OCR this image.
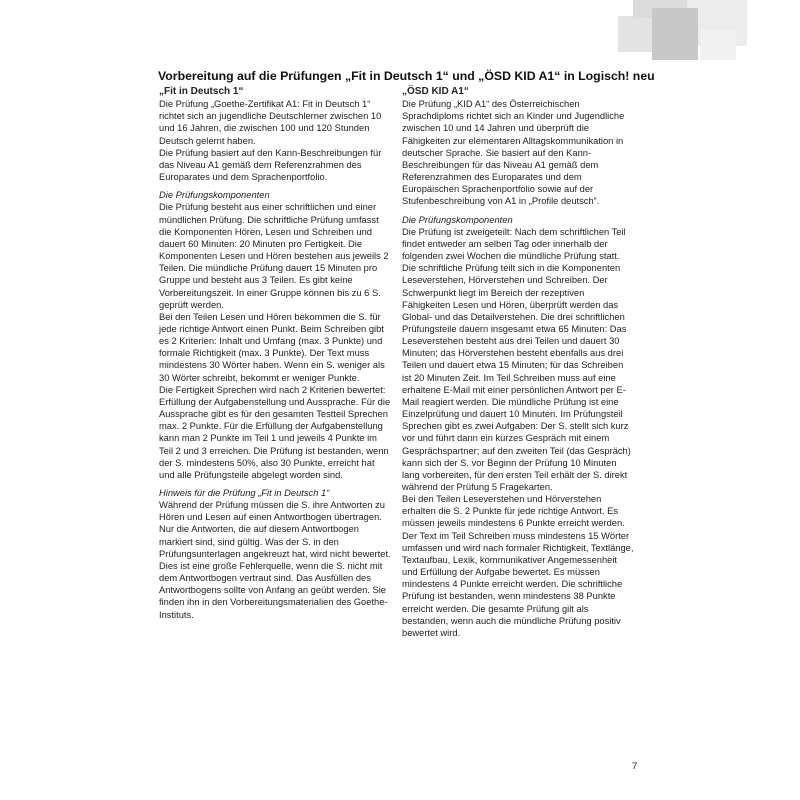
Vorbereitung auf die Prüfungen „Fit in Deutsch 1“ und „ÖSD KID A1“ in Logisch! neu

„Fit in Deutsch 1“

Die Prüfung „Goethe-Zertifikat A1: Fit in Deutsch 1“ richtet sich an jugendliche Deutschlerner zwischen 10 und 16 Jahren, die zwischen 100 und 120 Stunden Deutsch gelernt haben.

Die Prüfung basiert auf den Kann-Beschreibungen für das Niveau A1 gemäß dem Referenzrahmen des Europarates und dem Sprachenportfolio.

Die Prüfungskomponenten

Die Prüfung besteht aus einer schriftlichen und einer mündlichen Prüfung. Die schriftliche Prüfung umfasst die Komponenten Hören, Lesen und Schreiben und dauert 60 Minuten: 20 Minuten pro Fertigkeit. Die Komponenten Lesen und Hören bestehen aus jeweils 2 Teilen. Die mündliche Prüfung dauert 15 Minuten pro Gruppe und besteht aus 3 Teilen. Es gibt keine Vorbereitungszeit. In einer Gruppe können bis zu 6 S. geprüft werden.

Bei den Teilen Lesen und Hören bekommen die S. für jede richtige Antwort einen Punkt. Beim Schreiben gibt es 2 Kriterien: Inhalt und Umfang (max. 3 Punkte) und formale Richtigkeit (max. 3 Punkte). Der Text muss mindestens 30 Wörter haben. Wenn ein S. weniger als 30 Wörter schreibt, bekommt er weniger Punkte.

Die Fertigkeit Sprechen wird nach 2 Kriterien bewertet: Erfüllung der Aufgabenstellung und Aussprache. Für die Aussprache gibt es für den gesamten Testteil Sprechen max. 2 Punkte. Für die Erfüllung der Aufgabenstellung kann man 2 Punkte im Teil 1 und jeweils 4 Punkte im Teil 2 und 3 erreichen. Die Prüfung ist bestanden, wenn der S. mindestens 50%, also 30 Punkte, erreicht hat und alle Prüfungsteile abgelegt worden sind.

Hinweis für die Prüfung „Fit in Deutsch 1“

Während der Prüfung müssen die S. ihre Antworten zu Hören und Lesen auf einen Antwortbogen übertragen. Nur die Antworten, die auf diesem Antwortbogen markiert sind, sind gültig. Was der S. in den Prüfungsunterlagen angekreuzt hat, wird nicht bewertet. Dies ist eine große Fehlerquelle, wenn die S. nicht mit dem Antwortbogen vertraut sind. Das Ausfüllen des Antwortbogens sollte von Anfang an geübt werden. Sie finden ihn in den Vorbereitungsmaterialien des Goethe-Instituts.

„ÖSD KID A1“

Die Prüfung „KID A1“ des Österreichischen Sprachdiploms richtet sich an Kinder und Jugendliche zwischen 10 und 14 Jahren und überprüft die Fähigkeiten zur elementaren Alltagskommunikation in deutscher Sprache. Sie basiert auf den Kann-Beschreibungen für das Niveau A1 gemäß dem Referenzrahmen des Europarates und dem Europäischen Sprachenportfolio sowie auf der Stufenbeschreibung von A1 in „Profile deutsch“.

Die Prüfungskomponenten

Die Prüfung ist zweigeteilt: Nach dem schriftlichen Teil findet entweder am selben Tag oder innerhalb der folgenden zwei Wochen die mündliche Prüfung statt. Die schriftliche Prüfung teilt sich in die Komponenten Leseverstehen, Hörverstehen und Schreiben. Der Schwerpunkt liegt im Bereich der rezeptiven Fähigkeiten Lesen und Hören, überprüft werden das Global- und das Detailverstehen. Die drei schriftlichen Prüfungsteile dauern insgesamt etwa 65 Minuten: Das Leseverstehen besteht aus drei Teilen und dauert 30 Minuten; das Hörverstehen besteht ebenfalls aus drei Teilen und dauert etwa 15 Minuten; für das Schreiben ist 20 Minuten Zeit. Im Teil Schreiben muss auf eine erhaltene E-Mail mit einer persönlichen Antwort per E-Mail reagiert werden. Die mündliche Prüfung ist eine Einzelprüfung und dauert 10 Minuten. Im Prüfungsteil Sprechen gibt es zwei Aufgaben: Der S. stellt sich kurz vor und führt dann ein kurzes Gespräch mit einem Gesprächspartner; auf den zweiten Teil (das Gespräch) kann sich der S. vor Beginn der Prüfung 10 Minuten lang vorbereiten, für den ersten Teil erhält der S. direkt während der Prüfung 5 Fragekarten.

Bei den Teilen Leseverstehen und Hörverstehen erhalten die S. 2 Punkte für jede richtige Antwort. Es müssen jeweils mindestens 6 Punkte erreicht werden. Der Text im Teil Schreiben muss mindestens 15 Wörter umfassen und wird nach formaler Richtigkeit, Textlänge, Textaufbau, Lexik, kommunikativer Angemessenheit und Erfüllung der Aufgabe bewertet. Es müssen mindestens 4 Punkte erreicht werden. Die schriftliche Prüfung ist bestanden, wenn mindestens 38 Punkte erreicht werden. Die gesamte Prüfung gilt als bestanden, wenn auch die mündliche Prüfung positiv bewertet wird.

7
